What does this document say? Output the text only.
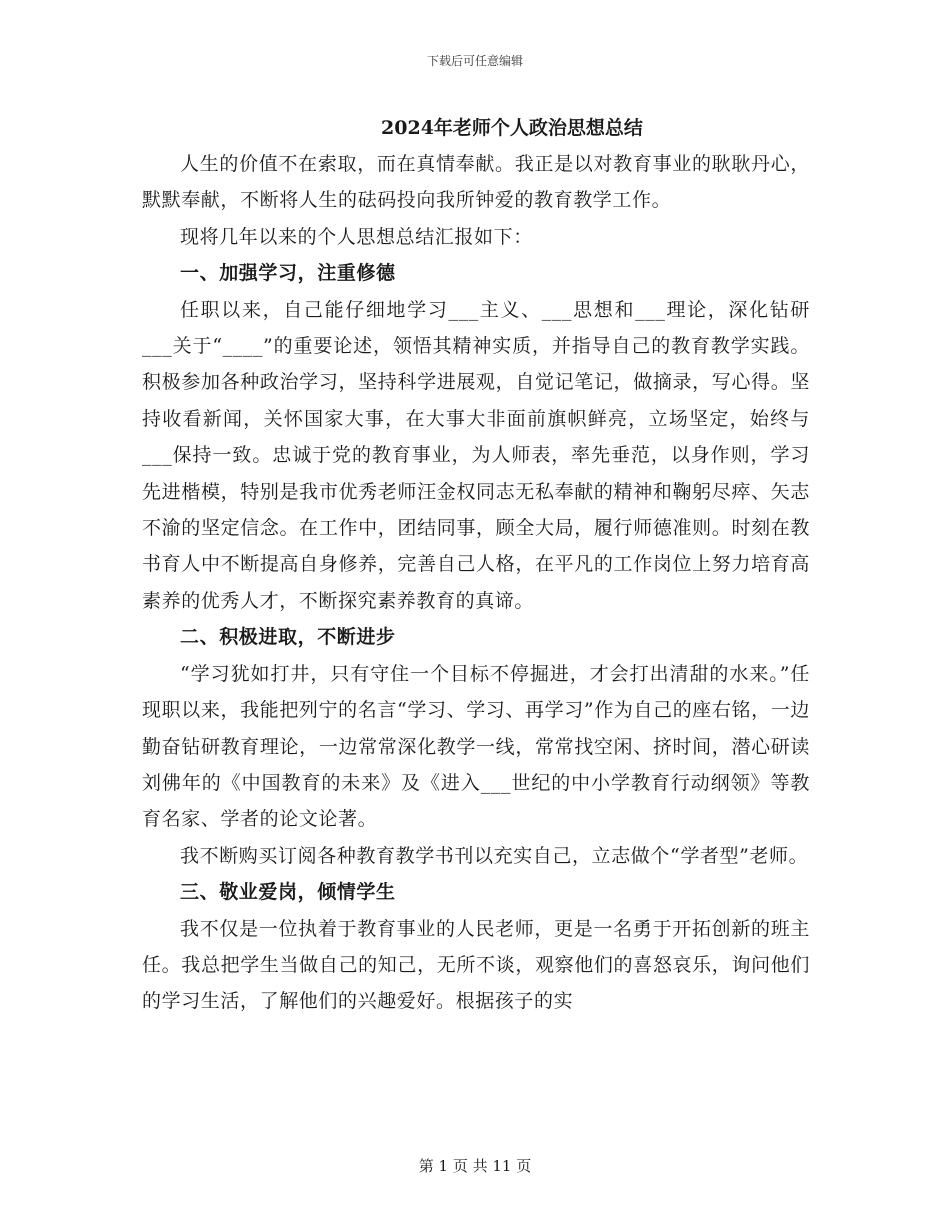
下载后可任意编辑
2024年老师个人政治思想总结

人生的价值不在索取，而在真情奉献。我正是以对教育事业的耿耿丹心，默默奉献，不断将人生的砝码投向我所钟爱的教育教学工作。

现将几年以来的个人思想总结汇报如下：

一、加强学习，注重修德

任职以来，自己能仔细地学习___主义、___思想和___理论，深化钻研___关于“____”的重要论述，领悟其精神实质，并指导自己的教育教学实践。积极参加各种政治学习，坚持科学进展观，自觉记笔记，做摘录，写心得。坚持收看新闻，关怀国家大事，在大事大非面前旗帜鲜亮，立场坚定，始终与___保持一致。忠诚于党的教育事业，为人师表，率先垂范，以身作则，学习先进楷模，特别是我市优秀老师汪金权同志无私奉献的精神和鞠躬尽瘁、矢志不渝的坚定信念。在工作中，团结同事，顾全大局，履行师德准则。时刻在教书育人中不断提高自身修养，完善自己人格，在平凡的工作岗位上努力培育高素养的优秀人才，不断探究素养教育的真谛。

二、积极进取，不断进步

“学习犹如打井，只有守住一个目标不停掘进，才会打出清甜的水来。”任现职以来，我能把列宁的名言“学习、学习、再学习”作为自己的座右铭，一边勤奋钻研教育理论，一边常常深化教学一线，常常找空闲、挤时间，潜心研读刘佛年的《中国教育的未来》及《进入___世纪的中小学教育行动纲领》等教育名家、学者的论文论著。

我不断购买订阅各种教育教学书刊以充实自己，立志做个“学者型”老师。

三、敬业爱岗，倾情学生

我不仅是一位执着于教育事业的人民老师，更是一名勇于开拓创新的班主任。我总把学生当做自己的知己，无所不谈，观察他们的喜怒哀乐，询问他们的学习生活，了解他们的兴趣爱好。根据孩子的实

第 1 页 共 11 页
